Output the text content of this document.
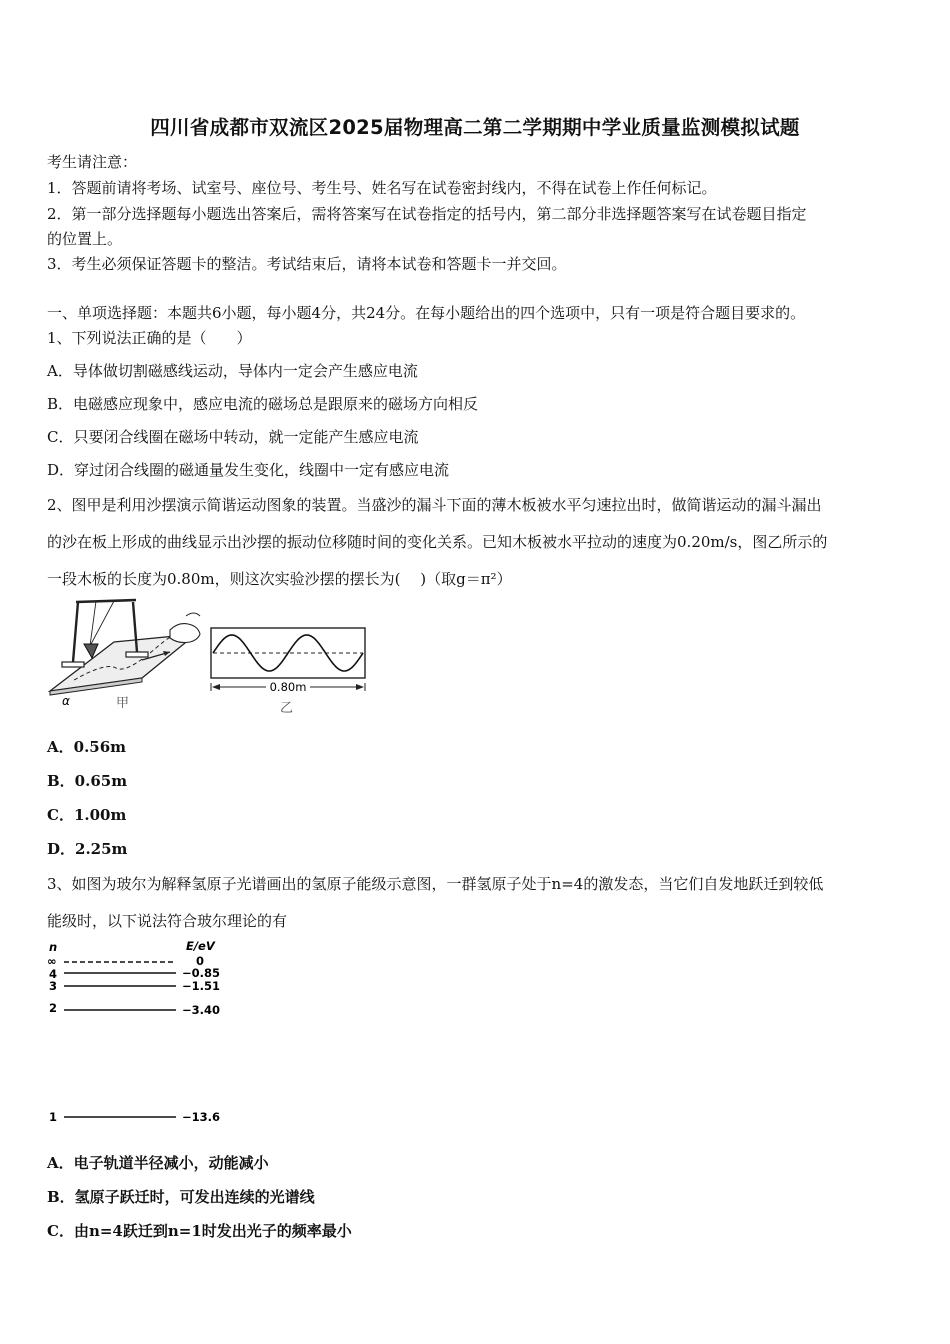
四川省成都市双流区2025届物理高二第二学期期中学业质量监测模拟试题
考生请注意：
1．答题前请将考场、试室号、座位号、考生号、姓名写在试卷密封线内，不得在试卷上作任何标记。
2．第一部分选择题每小题选出答案后，需将答案写在试卷指定的括号内，第二部分非选择题答案写在试卷题目指定
的位置上。
3．考生必须保证答题卡的整洁。考试结束后，请将本试卷和答题卡一并交回。
一、单项选择题：本题共6小题，每小题4分，共24分。在每小题给出的四个选项中，只有一项是符合题目要求的。
1、下列说法正确的是（　　）
A．导体做切割磁感线运动，导体内一定会产生感应电流
B．电磁感应现象中，感应电流的磁场总是跟原来的磁场方向相反
C．只要闭合线圈在磁场中转动，就一定能产生感应电流
D．穿过闭合线圈的磁通量发生变化，线圈中一定有感应电流
2、图甲是利用沙摆演示简谐运动图象的装置。当盛沙的漏斗下面的薄木板被水平匀速拉出时，做简谐运动的漏斗漏出
的沙在板上形成的曲线显示出沙摆的振动位移随时间的变化关系。已知木板被水平拉动的速度为0.20m/s，图乙所示的
一段木板的长度为0.80m，则这次实验沙摆的摆长为(　 )（取g＝π²）
α	甲
0.80m
乙
A．0.56m
B．0.65m
C．1.00m
D．2.25m
3、如图为玻尔为解释氢原子光谱画出的氢原子能级示意图，一群氢原子处于n=4的激发态，当它们自发地跃迁到较低
能级时，以下说法符合玻尔理论的有
n	E/eV
∞	0
4	−0.85
3	−1.51
2	−3.40
1	−13.6
A．电子轨道半径减小，动能减小
B．氢原子跃迁时，可发出连续的光谱线
C．由n=4跃迁到n=1时发出光子的频率最小
